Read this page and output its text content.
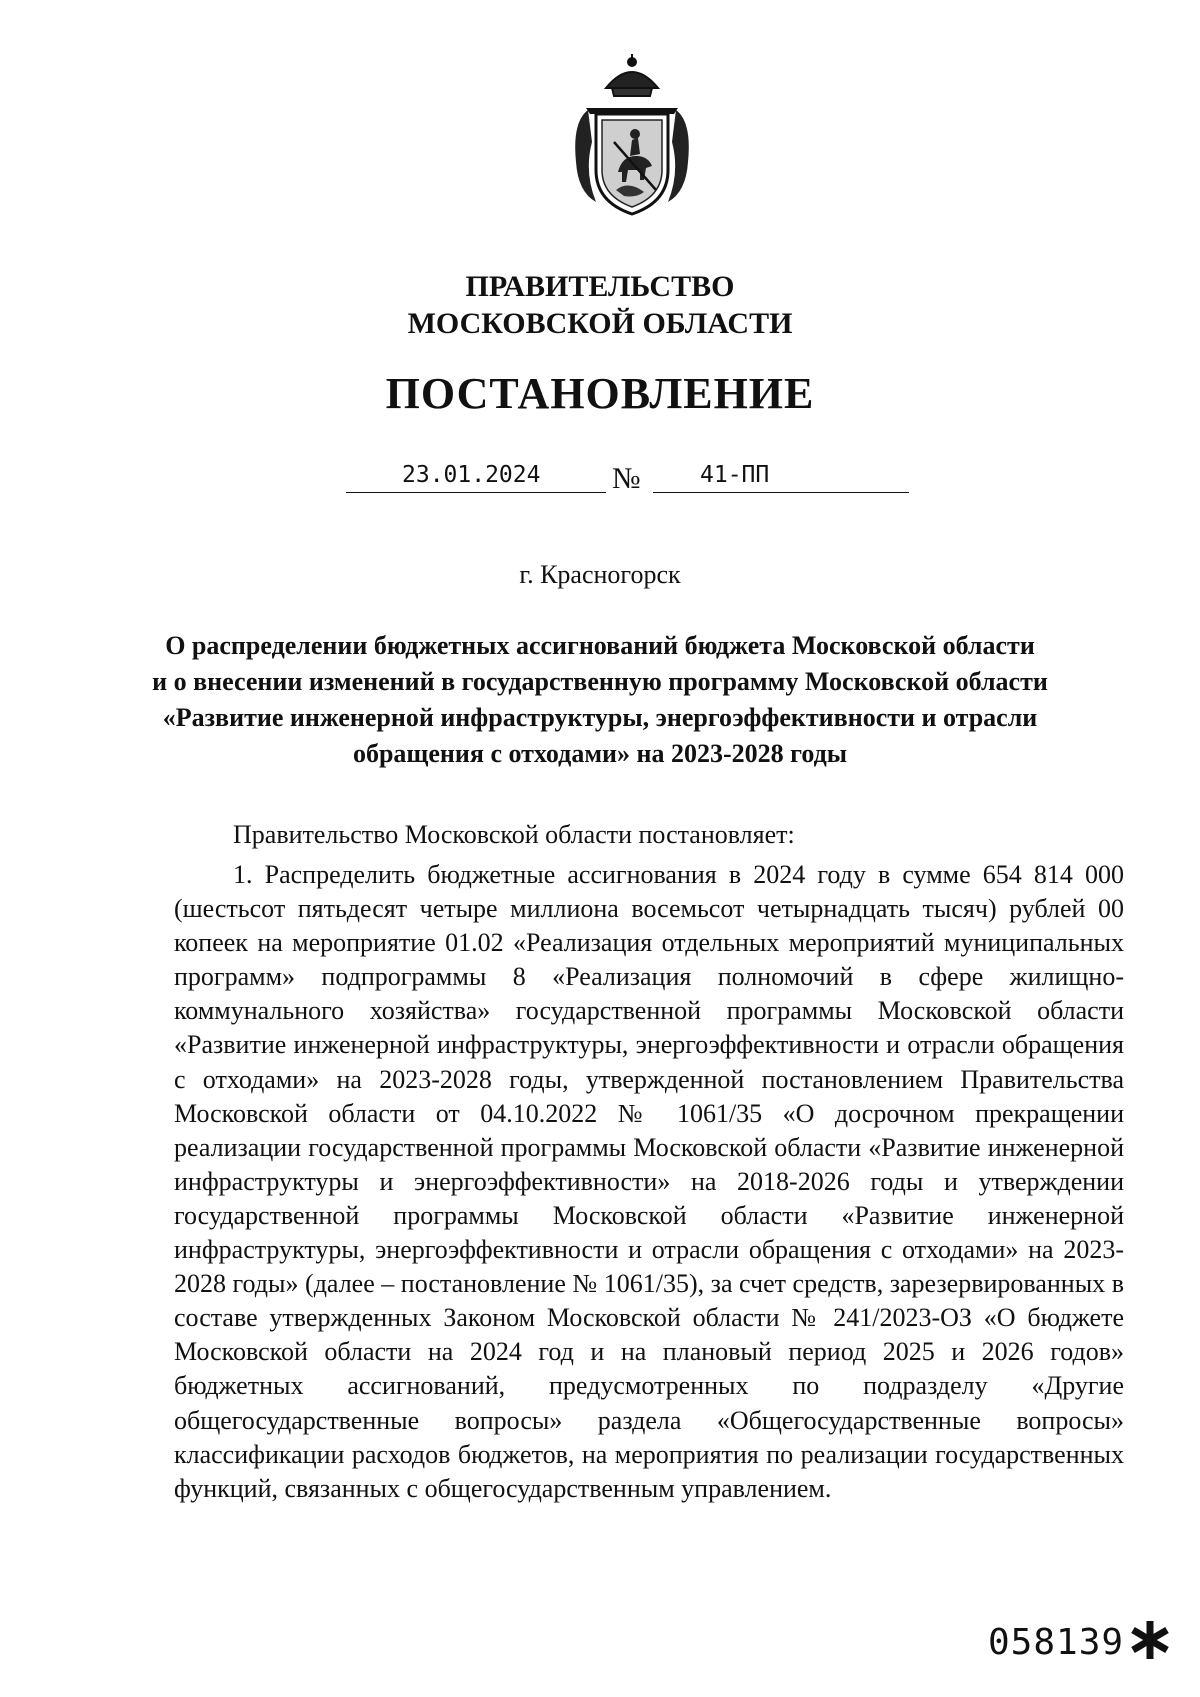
ПРАВИТЕЛЬСТВО
МОСКОВСКОЙ ОБЛАСТИ
ПОСТАНОВЛЕНИЕ
23.01.2024 №	41-ПП
г. Красногорск
О распределении бюджетных ассигнований бюджета Московской области
и о внесении изменений в государственную программу Московской области
«Развитие инженерной инфраструктуры, энергоэффективности и отрасли
обращения с отходами» на 2023-2028 годы
Правительство Московской области постановляет:
1. Распределить бюджетные ассигнования в 2024 году в сумме 654 814 000 (шестьсот пятьдесят четыре миллиона восемьсот четырнадцать тысяч) рублей 00 копеек на мероприятие 01.02 «Реализация отдельных мероприятий муниципальных программ» подпрограммы 8 «Реализация полномочий в сфере жилищно-коммунального хозяйства» государственной программы Московской области «Развитие инженерной инфраструктуры, энергоэффективности и отрасли обращения с отходами» на 2023-2028 годы, утвержденной постановлением Правительства Московской области от 04.10.2022 № 1061/35 «О досрочном прекращении реализации государственной программы Московской области «Развитие инженерной инфраструктуры и энергоэффективности» на 2018-2026 годы и утверждении государственной программы Московской области «Развитие инженерной инфраструктуры, энергоэффективности и отрасли обращения с отходами» на 2023-2028 годы» (далее – постановление № 1061/35), за счет средств, зарезервированных в составе утвержденных Законом Московской области № 241/2023-ОЗ «О бюджете Московской области на 2024 год и на плановый период 2025 и 2026 годов» бюджетных ассигнований, предусмотренных по подразделу «Другие общегосударственные вопросы» раздела «Общегосударственные вопросы» классификации расходов бюджетов, на мероприятия по реализации государственных функций, связанных с общегосударственным управлением.
058139
